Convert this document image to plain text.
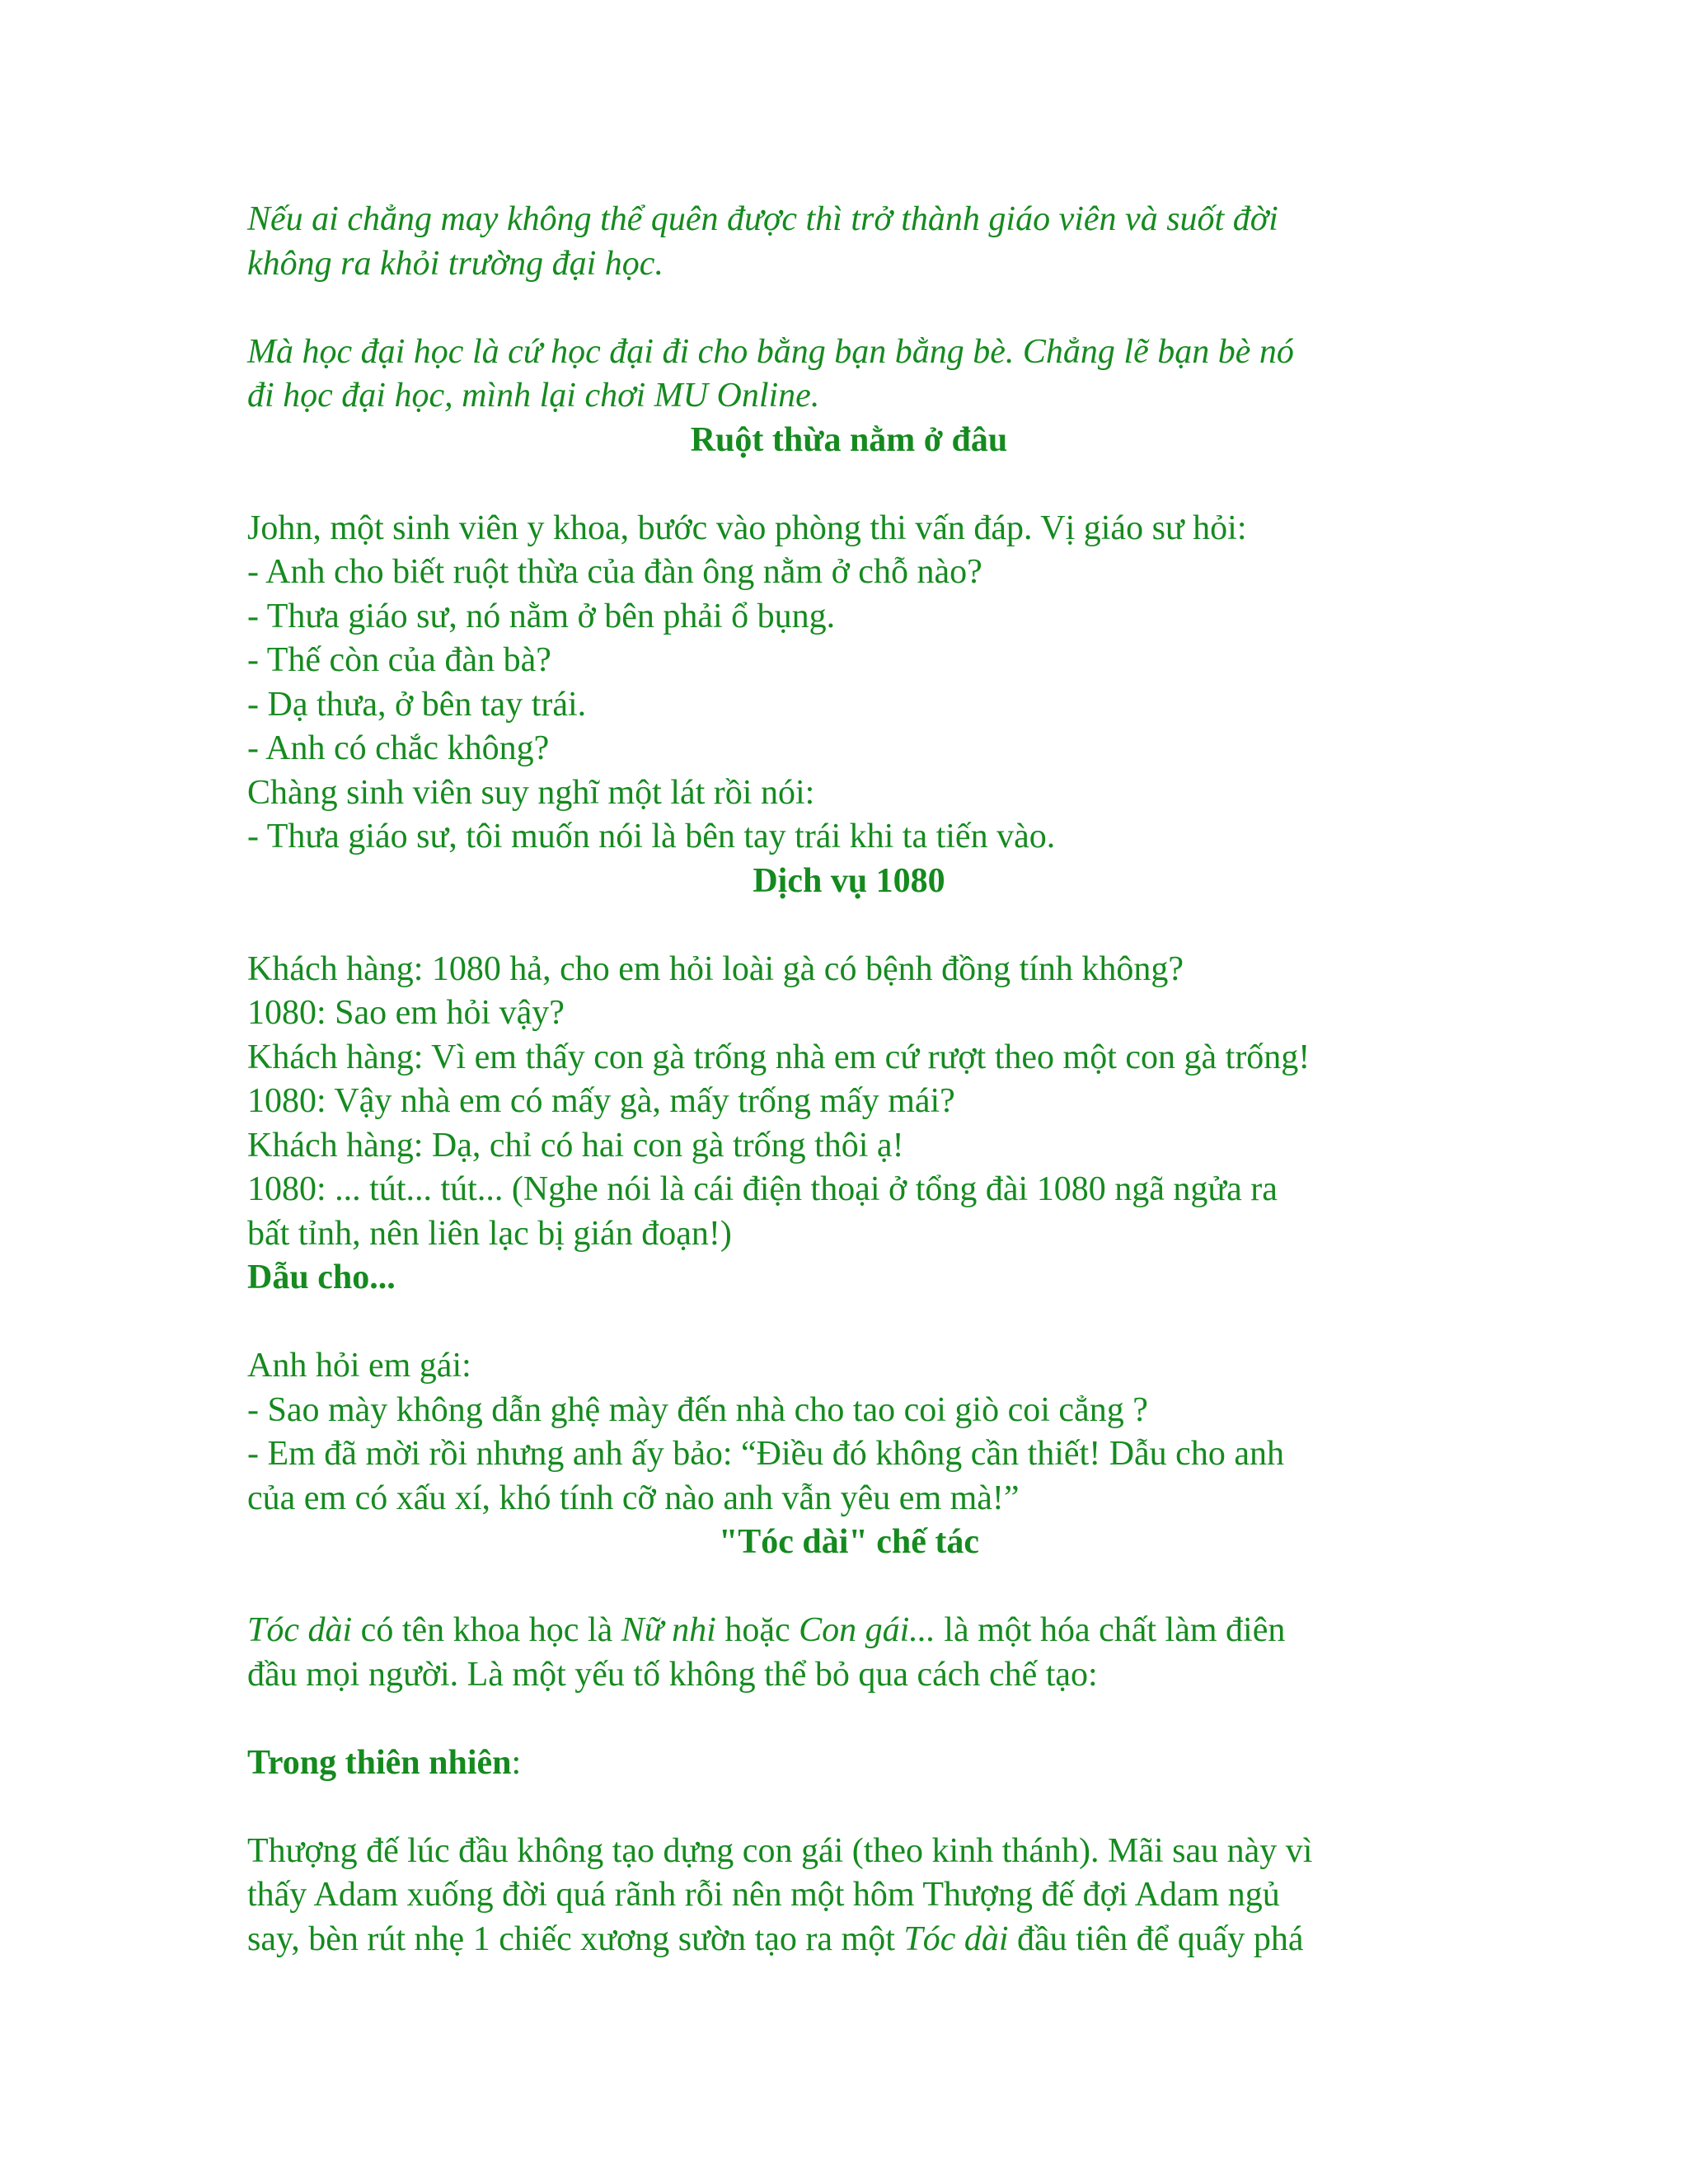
Nếu ai chẳng may không thể quên được thì trở thành giáo viên và suốt đời

không ra khỏi trường đại học.

Mà học đại học là cứ học đại đi cho bằng bạn bằng bè. Chẳng lẽ bạn bè nó

đi học đại học, mình lại chơi MU Online.

Ruột thừa nằm ở đâu

John, một sinh viên y khoa, bước vào phòng thi vấn đáp. Vị giáo sư hỏi:

- Anh cho biết ruột thừa của đàn ông nằm ở chỗ nào?

- Thưa giáo sư, nó nằm ở bên phải ổ bụng.

- Thế còn của đàn bà?

- Dạ thưa, ở bên tay trái.

- Anh có chắc không?

Chàng sinh viên suy nghĩ một lát rồi nói:

- Thưa giáo sư, tôi muốn nói là bên tay trái khi ta tiến vào.

Dịch vụ 1080

Khách hàng: 1080 hả, cho em hỏi loài gà có bệnh đồng tính không?

1080: Sao em hỏi vậy?

Khách hàng: Vì em thấy con gà trống nhà em cứ rượt theo một con gà trống!

1080: Vậy nhà em có mấy gà, mấy trống mấy mái?

Khách hàng: Dạ, chỉ có hai con gà trống thôi ạ!

1080: ... tút... tút... (Nghe nói là cái điện thoại ở tổng đài 1080 ngã ngửa ra

bất tỉnh, nên liên lạc bị gián đoạn!)

Dẫu cho...

Anh hỏi em gái:

- Sao mày không dẫn ghệ mày đến nhà cho tao coi giò coi cẳng ?

- Em đã mời rồi nhưng anh ấy bảo: “Điều đó không cần thiết! Dẫu cho anh

của em có xấu xí, khó tính cỡ nào anh vẫn yêu em mà!”

"Tóc dài" chế tác

Tóc dài có tên khoa học là Nữ nhi hoặc Con gái... là một hóa chất làm điên

đầu mọi người. Là một yếu tố không thể bỏ qua cách chế tạo:

Trong thiên nhiên:

Thượng đế lúc đầu không tạo dựng con gái (theo kinh thánh). Mãi sau này vì

thấy Adam xuống đời quá rãnh rỗi nên một hôm Thượng đế đợi Adam ngủ

say, bèn rút nhẹ 1 chiếc xương sườn tạo ra một Tóc dài đầu tiên để quấy phá
